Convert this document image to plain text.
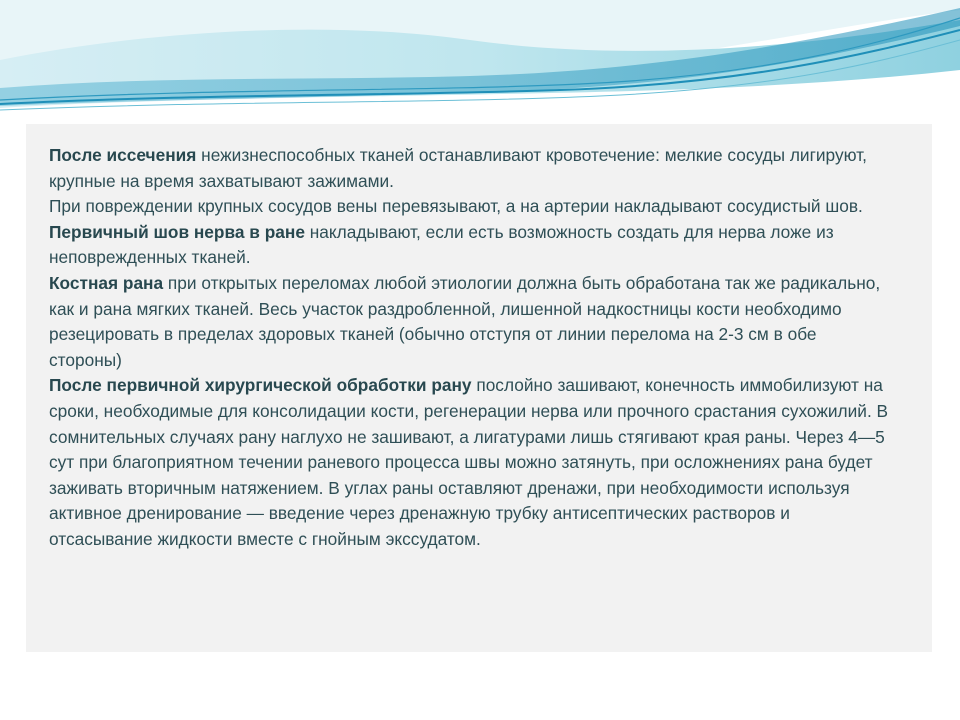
После иссечения нежизнеспособных тканей останавливают кровотечение: мелкие сосуды лигируют, крупные на время захватывают зажимами.

При повреждении крупных сосудов вены перевязывают, а на артерии накладывают сосудистый шов.

Первичный шов нерва в ране накладывают, если есть возможность создать для нерва ложе из неповрежденных тканей.

Костная рана при открытых переломах любой этиологии должна быть обработана так же радикально, как и рана мягких тканей. Весь участок раздробленной, лишенной надкостницы кости необходимо резецировать в пределах здоровых тканей (обычно отступя от линии перелома на 2-3 см в обе стороны)

После первичной хирургической обработки рану послойно зашивают, конечность иммобилизуют на сроки, необходимые для консолидации кости, регенерации нерва или прочного срастания сухожилий. В сомнительных случаях рану наглухо не зашивают, а лигатурами лишь стягивают края раны. Через 4—5 сут при благоприятном течении раневого процесса швы можно затянуть, при осложнениях рана будет заживать вторичным натяжением. В углах раны оставляют дренажи, при необходимости используя активное дренирование — введение через дренажную трубку антисептических растворов и отсасывание жидкости вместе с гнойным экссудатом.
